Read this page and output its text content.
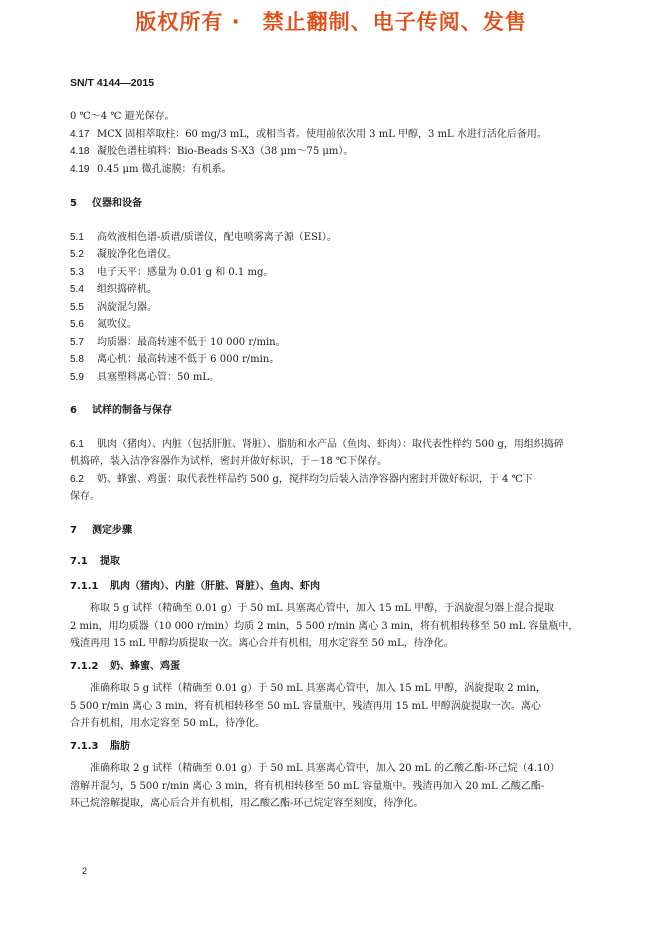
版权所有 ·　禁止翻制、电子传阅、发售
SN/T 4144—2015
0 ℃～4 ℃ 避光保存。
4.17 MCX 固相萃取柱：60 mg/3 mL，或相当者。使用前依次用 3 mL 甲醇，3 mL 水进行活化后备用。
4.18 凝胶色谱柱填料：Bio-Beads S-X3（38 μm～75 μm）。
4.19 0.45 μm 微孔滤膜：有机系。
5	仪器和设备
5.1	高效液相色谱-质谱/质谱仪，配电喷雾离子源（ESI）。
5.2	凝胶净化色谱仪。
5.3	电子天平：感量为 0.01 g 和 0.1 mg。
5.4	组织捣碎机。
5.5	涡旋混匀器。
5.6	氮吹仪。
5.7	均质器：最高转速不低于 10 000 r/min。
5.8	离心机：最高转速不低于 6 000 r/min。
5.9	具塞塑料离心管：50 mL。
6	试样的制备与保存
6.1 肌肉（猪肉）、内脏（包括肝脏、肾脏）、脂肪和水产品（鱼肉、虾肉）：取代表性样约 500 g，用组织捣碎
机捣碎，装入洁净容器作为试样，密封并做好标识，于－18 ℃下保存。
6.2 奶、蜂蜜、鸡蛋：取代表性样品约 500 g，搅拌均匀后装入洁净容器内密封并做好标识，于 4 ℃下
保存。
7	测定步骤
7.1	提取
7.1.1	肌肉（猪肉）、内脏（肝脏、肾脏）、鱼肉、虾肉
称取 5 g 试样（精确至 0.01 g）于 50 mL 具塞离心管中，加入 15 mL 甲醇，于涡旋混匀器上混合提取
2 min，用均质器（10 000 r/min）均质 2 min，5 500 r/min 离心 3 min，将有机相转移至 50 mL 容量瓶中，
残渣再用 15 mL 甲醇均质提取一次。离心合并有机相，用水定容至 50 mL，待净化。
7.1.2	奶、蜂蜜、鸡蛋
准确称取 5 g 试样（精确至 0.01 g）于 50 mL 具塞离心管中，加入 15 mL 甲醇，涡旋提取 2 min，
5 500 r/min 离心 3 min，将有机相转移至 50 mL 容量瓶中，残渣再用 15 mL 甲醇涡旋提取一次。离心
合并有机相，用水定容至 50 mL，待净化。
7.1.3	脂肪
准确称取 2 g 试样（精确至 0.01 g）于 50 mL 具塞离心管中，加入 20 mL 的乙酸乙酯-环己烷（4.10）
溶解并混匀，5 500 r/min 离心 3 min，将有机相转移至 50 mL 容量瓶中。残渣再加入 20 mL 乙酸乙酯-
环己烷溶解提取，离心后合并有机相，用乙酸乙酯-环己烷定容至刻度，待净化。
2
